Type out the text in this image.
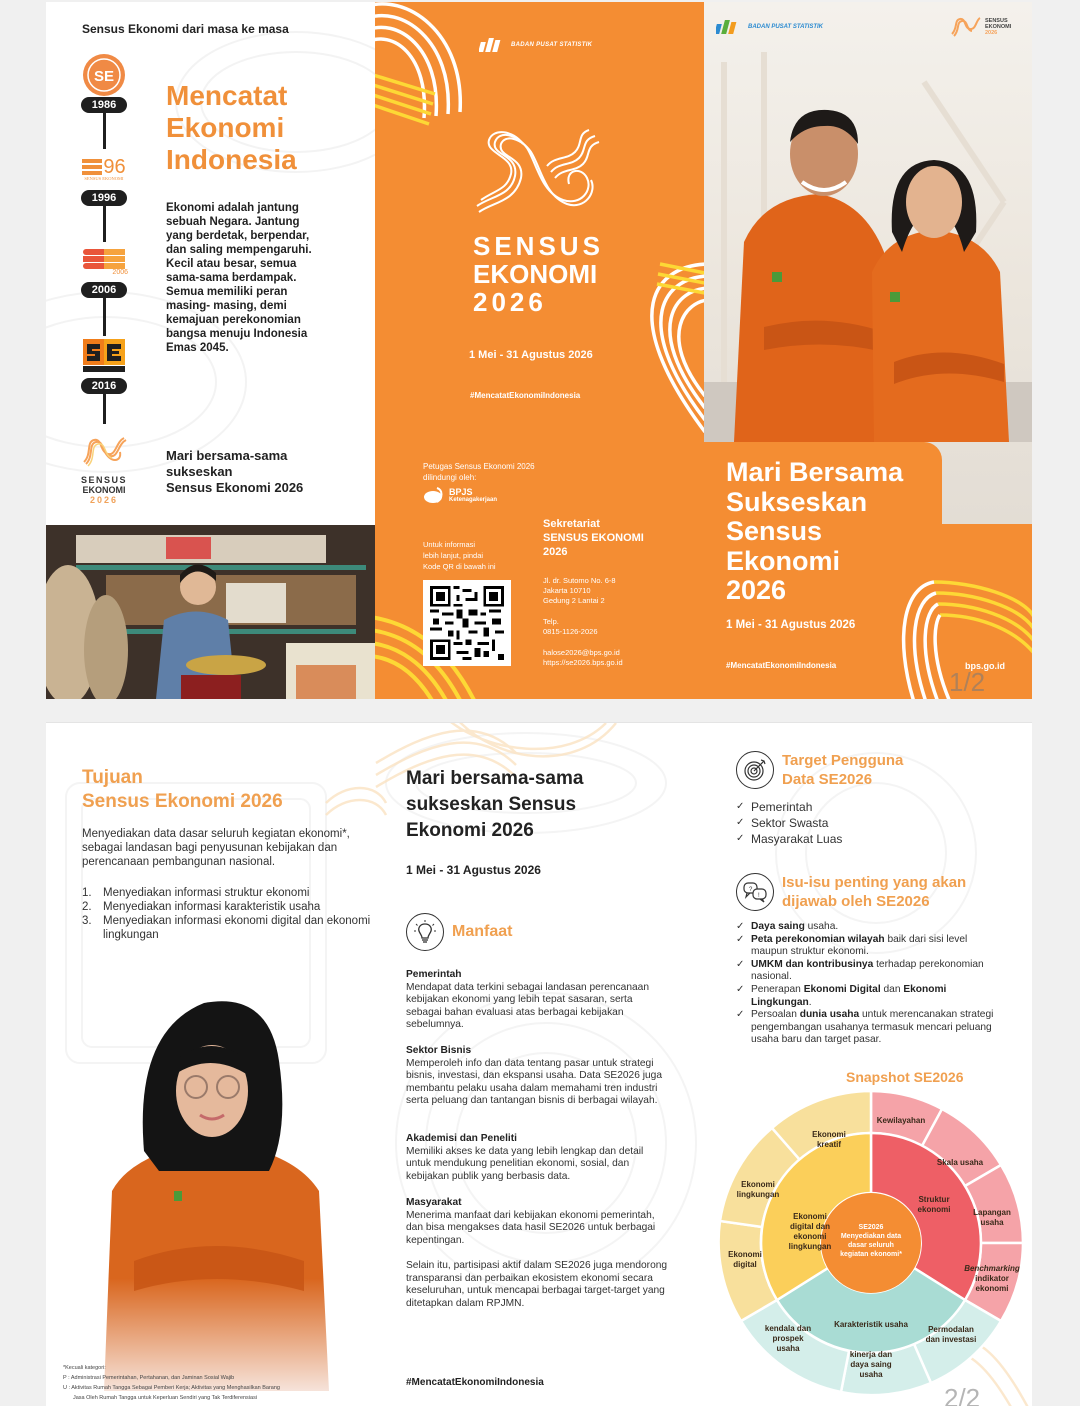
Sensus Ekonomi dari masa ke masa
SE
1986
96
SENSUS EKONOMI
1996
2006
2006
2016
Mencatat
Ekonomi
Indonesia
Ekonomi adalah jantung sebuah Negara. Jantung yang berdetak, berpendar, dan saling mempengaruhi. Kecil atau besar, semua sama-sama berdampak. Semua memiliki peran masing- masing, demi kemajuan perekonomian bangsa menuju Indonesia Emas 2045.
SENSUS
EKONOMI
2026
Mari bersama-sama
sukseskan
Sensus Ekonomi 2026
BADAN PUSAT STATISTIK
SENSUS
EKONOMI
2026
1 Mei - 31 Agustus 2026
#MencatatEkonomiIndonesia
Petugas Sensus Ekonomi 2026
dilindungi oleh:
BPJS
Ketenagakerjaan
Untuk informasi
lebih lanjut, pindai
Kode QR di bawah ini
Sekretariat
SENSUS EKONOMI
2026
Jl. dr. Sutomo No. 6-8
Jakarta 10710
Gedung 2 Lantai 2
Telp.
0815-1126-2026
halose2026@bps.go.id
https://se2026.bps.go.id
BADAN PUSAT STATISTIK
SENSUS
EKONOMI
2026
Mari Bersama
Sukseskan
Sensus
Ekonomi
2026
1 Mei - 31 Agustus 2026
#MencatatEkonomiIndonesia	bps.go.id
1/2
Tujuan
Sensus Ekonomi 2026
Menyediakan data dasar seluruh kegiatan ekonomi*, sebagai landasan bagi penyusunan kebijakan dan perencanaan pembangunan nasional.
1. Menyediakan informasi struktur ekonomi
2. Menyediakan informasi karakteristik usaha
3. Menyediakan informasi ekonomi digital dan ekonomi lingkungan
*Kecuali kategori:
P : Administrasi Pemerintahan, Pertahanan, dan Jaminan Sosial Wajib
U : Aktivitas Rumah Tangga Sebagai Pemberi Kerja; Aktivitas yang Menghasilkan Barang
Jasa Oleh Rumah Tangga untuk Keperluan Sendiri yang Tak Terdiferensiasi
Mari bersama-sama
sukseskan Sensus
Ekonomi 2026
1 Mei - 31 Agustus 2026
Manfaat
Pemerintah
Mendapat data terkini sebagai landasan perencanaan kebijakan ekonomi yang lebih tepat sasaran, serta sebagai bahan evaluasi atas berbagai kebijakan sebelumnya.
Sektor Bisnis
Memperoleh info dan data tentang pasar untuk strategi bisnis, investasi, dan ekspansi usaha. Data SE2026 juga membantu pelaku usaha dalam memahami tren industri serta peluang dan tantangan bisnis di berbagai wilayah.
Akademisi dan Peneliti
Memiliki akses ke data yang lebih lengkap dan detail untuk mendukung penelitian ekonomi, sosial, dan kebijakan publik yang berbasis data.
Masyarakat
Menerima manfaat dari kebijakan ekonomi pemerintah, dan bisa mengakses data hasil SE2026 untuk berbagai kepentingan.
Selain itu, partisipasi aktif dalam SE2026 juga mendorong transparansi dan perbaikan ekosistem ekonomi secara keseluruhan, untuk mencapai berbagai target-target yang ditetapkan dalam RPJMN.
#MencatatEkonomiIndonesia
Target Pengguna
Data SE2026
✓ Pemerintah
✓ Sektor Swasta
✓ Masyarakat Luas
?
!
Isu-isu penting yang akan
dijawab oleh SE2026
✓ Daya saing usaha.
✓ Peta perekonomian wilayah baik dari sisi level maupun struktur ekonomi.
✓ UMKM dan kontribusinya terhadap perekonomian nasional.
✓ Penerapan Ekonomi Digital dan Ekonomi Lingkungan.
✓ Persoalan dunia usaha untuk merencanakan strategi pengembangan usahanya termasuk mencari peluang usaha baru dan target pasar.
Snapshot SE2026
SE2026
Menyediakan data
dasar seluruh
kegiatan ekonomi*
Struktur
ekonomi
Karakteristik usaha
Ekonomi
digital dan
ekonomi
lingkungan
Kewilayahan
Skala usaha
Lapangan
usaha
Benchmarking
indikator
ekonomi
Permodalan
dan investasi
kinerja dan
daya saing
usaha
kendala dan
prospek
usaha
Ekonomi
digital
Ekonomi
lingkungan
Ekonomi
kreatif
2/2
